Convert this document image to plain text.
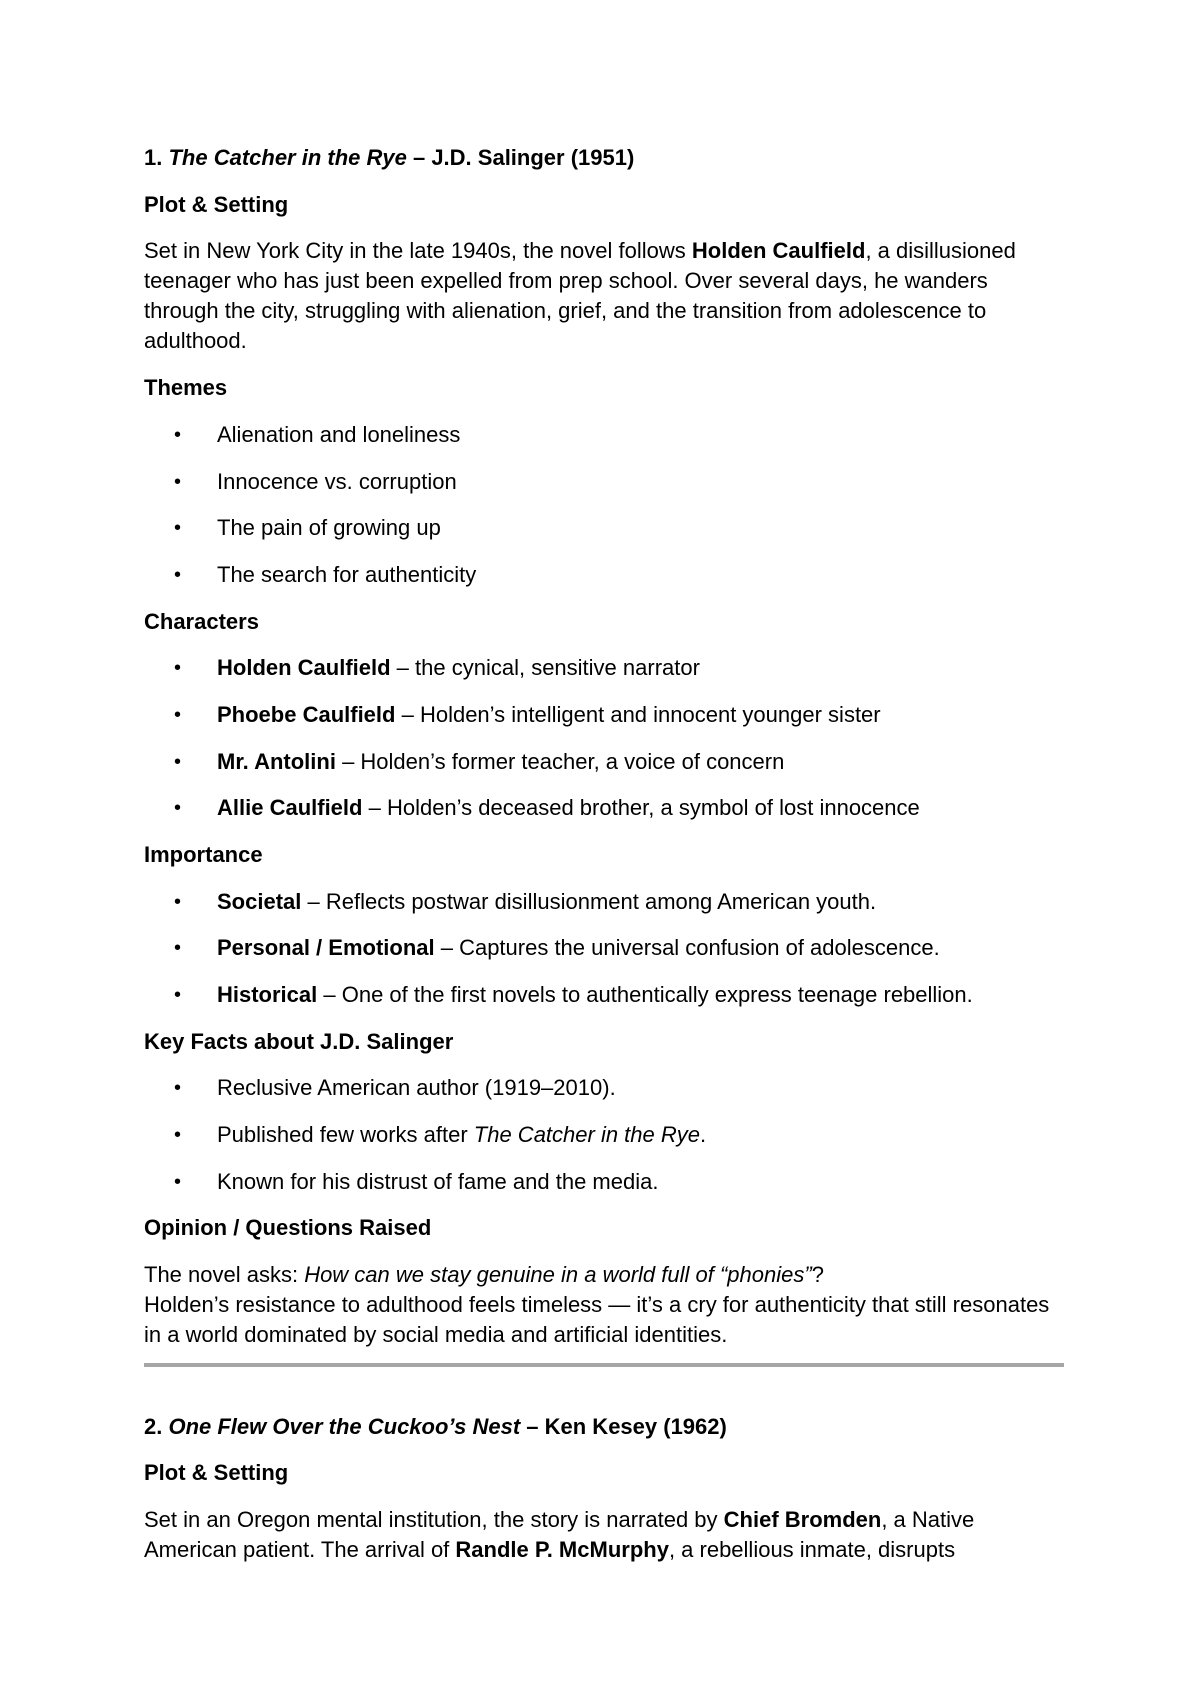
1. The Catcher in the Rye – J.D. Salinger (1951)
Plot & Setting

Set in New York City in the late 1940s, the novel follows Holden Caulfield, a disillusioned teenager who has just been expelled from prep school. Over several days, he wanders through the city, struggling with alienation, grief, and the transition from adolescence to adulthood.

Themes
• Alienation and loneliness
• Innocence vs. corruption
• The pain of growing up
• The search for authenticity
Characters
• Holden Caulfield – the cynical, sensitive narrator
• Phoebe Caulfield – Holden’s intelligent and innocent younger sister
• Mr. Antolini – Holden’s former teacher, a voice of concern
• Allie Caulfield – Holden’s deceased brother, a symbol of lost innocence
Importance
• Societal – Reflects postwar disillusionment among American youth.
• Personal / Emotional – Captures the universal confusion of adolescence.
• Historical – One of the first novels to authentically express teenage rebellion.
Key Facts about J.D. Salinger
• Reclusive American author (1919–2010).
• Published few works after The Catcher in the Rye.
• Known for his distrust of fame and the media.
Opinion / Questions Raised

The novel asks: How can we stay genuine in a world full of “phonies”?
Holden’s resistance to adulthood feels timeless — it’s a cry for authenticity that still resonates in a world dominated by social media and artificial identities.

2. One Flew Over the Cuckoo’s Nest – Ken Kesey (1962)
Plot & Setting

Set in an Oregon mental institution, the story is narrated by Chief Bromden, a Native American patient. The arrival of Randle P. McMurphy, a rebellious inmate, disrupts
